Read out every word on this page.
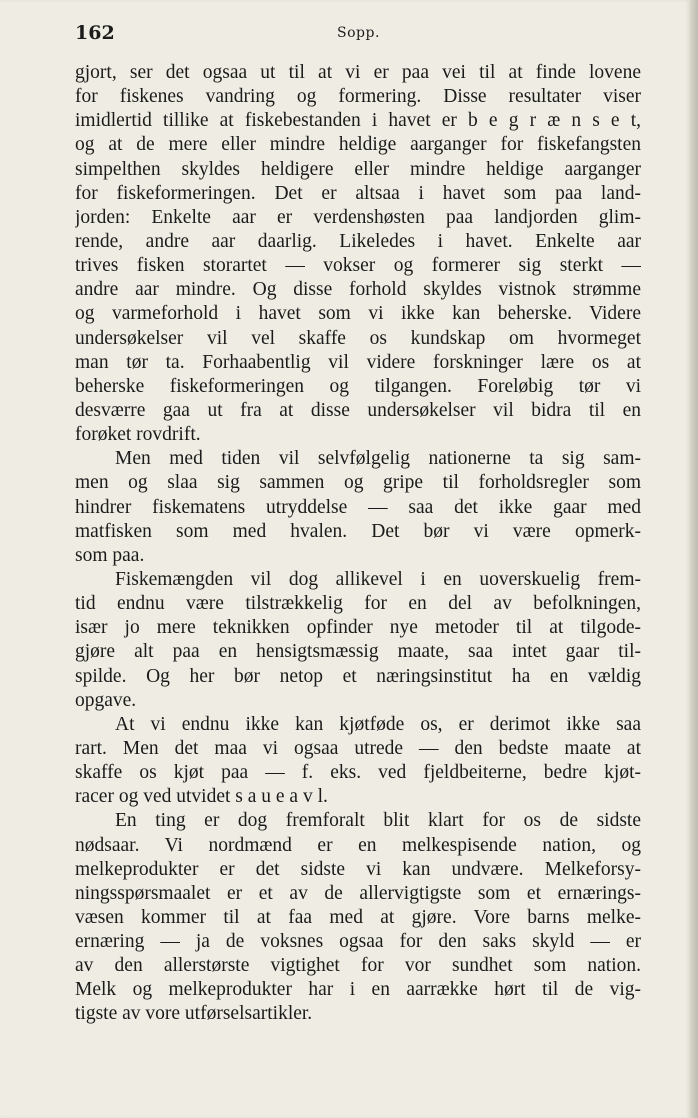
162	Sopp.
gjort, ser det ogsaa ut til at vi er paa vei til at finde lovene
for fiskenes vandring og formering. Disse resultater viser
imidlertid tillike at fiskebestanden i havet er b e g r æ n s e t,
og at de mere eller mindre heldige aarganger for fiskefangsten
simpelthen skyldes heldigere eller mindre heldige aarganger
for fiskeformeringen. Det er altsaa i havet som paa land-
jorden: Enkelte aar er verdenshøsten paa landjorden glim-
rende, andre aar daarlig. Likeledes i havet. Enkelte aar
trives fisken storartet — vokser og formerer sig sterkt —
andre aar mindre. Og disse forhold skyldes vistnok strømme
og varmeforhold i havet som vi ikke kan beherske. Videre
undersøkelser vil vel skaffe os kundskap om hvormeget
man tør ta. Forhaabentlig vil videre forskninger lære os at
beherske fiskeformeringen og tilgangen. Foreløbig tør vi
desværre gaa ut fra at disse undersøkelser vil bidra til en
forøket rovdrift.
Men med tiden vil selvfølgelig nationerne ta sig sam-
men og slaa sig sammen og gripe til forholdsregler som
hindrer fiskematens utryddelse — saa det ikke gaar med
matfisken som med hvalen. Det bør vi være opmerk-
som paa.
Fiskemængden vil dog allikevel i en uoverskuelig frem-
tid endnu være tilstrækkelig for en del av befolkningen,
især jo mere teknikken opfinder nye metoder til at tilgode-
gjøre alt paa en hensigtsmæssig maate, saa intet gaar til-
spilde. Og her bør netop et næringsinstitut ha en vældig
opgave.
At vi endnu ikke kan kjøtføde os, er derimot ikke saa
rart. Men det maa vi ogsaa utrede — den bedste maate at
skaffe os kjøt paa — f. eks. ved fjeldbeiterne, bedre kjøt-
racer og ved utvidet s a u e a v l.
En ting er dog fremforalt blit klart for os de sidste
nødsaar. Vi nordmænd er en melkespisende nation, og
melkeprodukter er det sidste vi kan undvære. Melkeforsy-
ningsspørsmaalet er et av de allervigtigste som et ernærings-
væsen kommer til at faa med at gjøre. Vore barns melke-
ernæring — ja de voksnes ogsaa for den saks skyld — er
av den allerstørste vigtighet for vor sundhet som nation.
Melk og melkeprodukter har i en aarrække hørt til de vig-
tigste av vore utførselsartikler.
